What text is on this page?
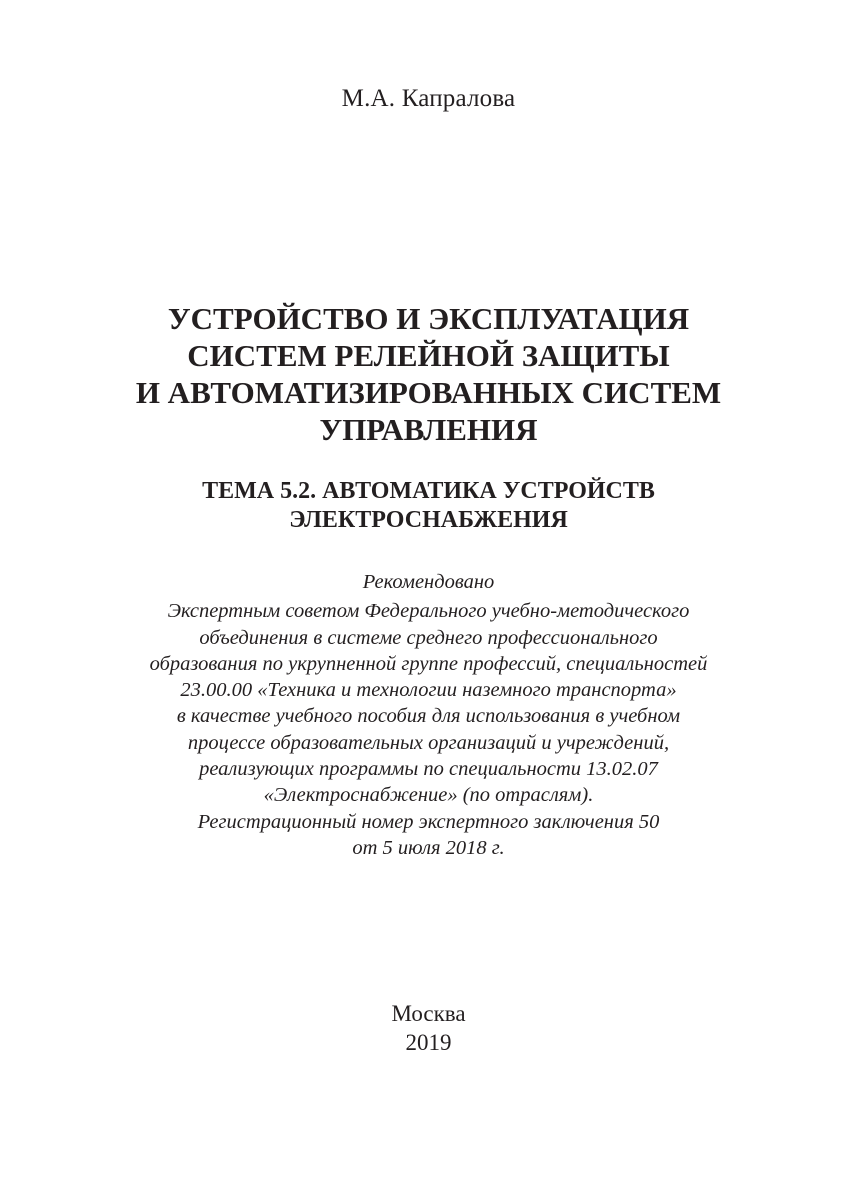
М.А. Капралова
УСТРОЙСТВО И ЭКСПЛУАТАЦИЯ
СИСТЕМ РЕЛЕЙНОЙ ЗАЩИТЫ
И АВТОМАТИЗИРОВАННЫХ СИСТЕМ
УПРАВЛЕНИЯ
ТЕМА 5.2. АВТОМАТИКА УСТРОЙСТВ
ЭЛЕКТРОСНАБЖЕНИЯ
Рекомендовано
Экспертным советом Федерального учебно-методического
объединения в системе среднего профессионального
образования по укрупненной группе профессий, специальностей
23.00.00 «Техника и технологии наземного транспорта»
в качестве учебного пособия для использования в учебном
процессе образовательных организаций и учреждений,
реализующих программы по специальности 13.02.07
«Электроснабжение» (по отраслям).
Регистрационный номер экспертного заключения 50
от 5 июля 2018 г.
Москва
2019
